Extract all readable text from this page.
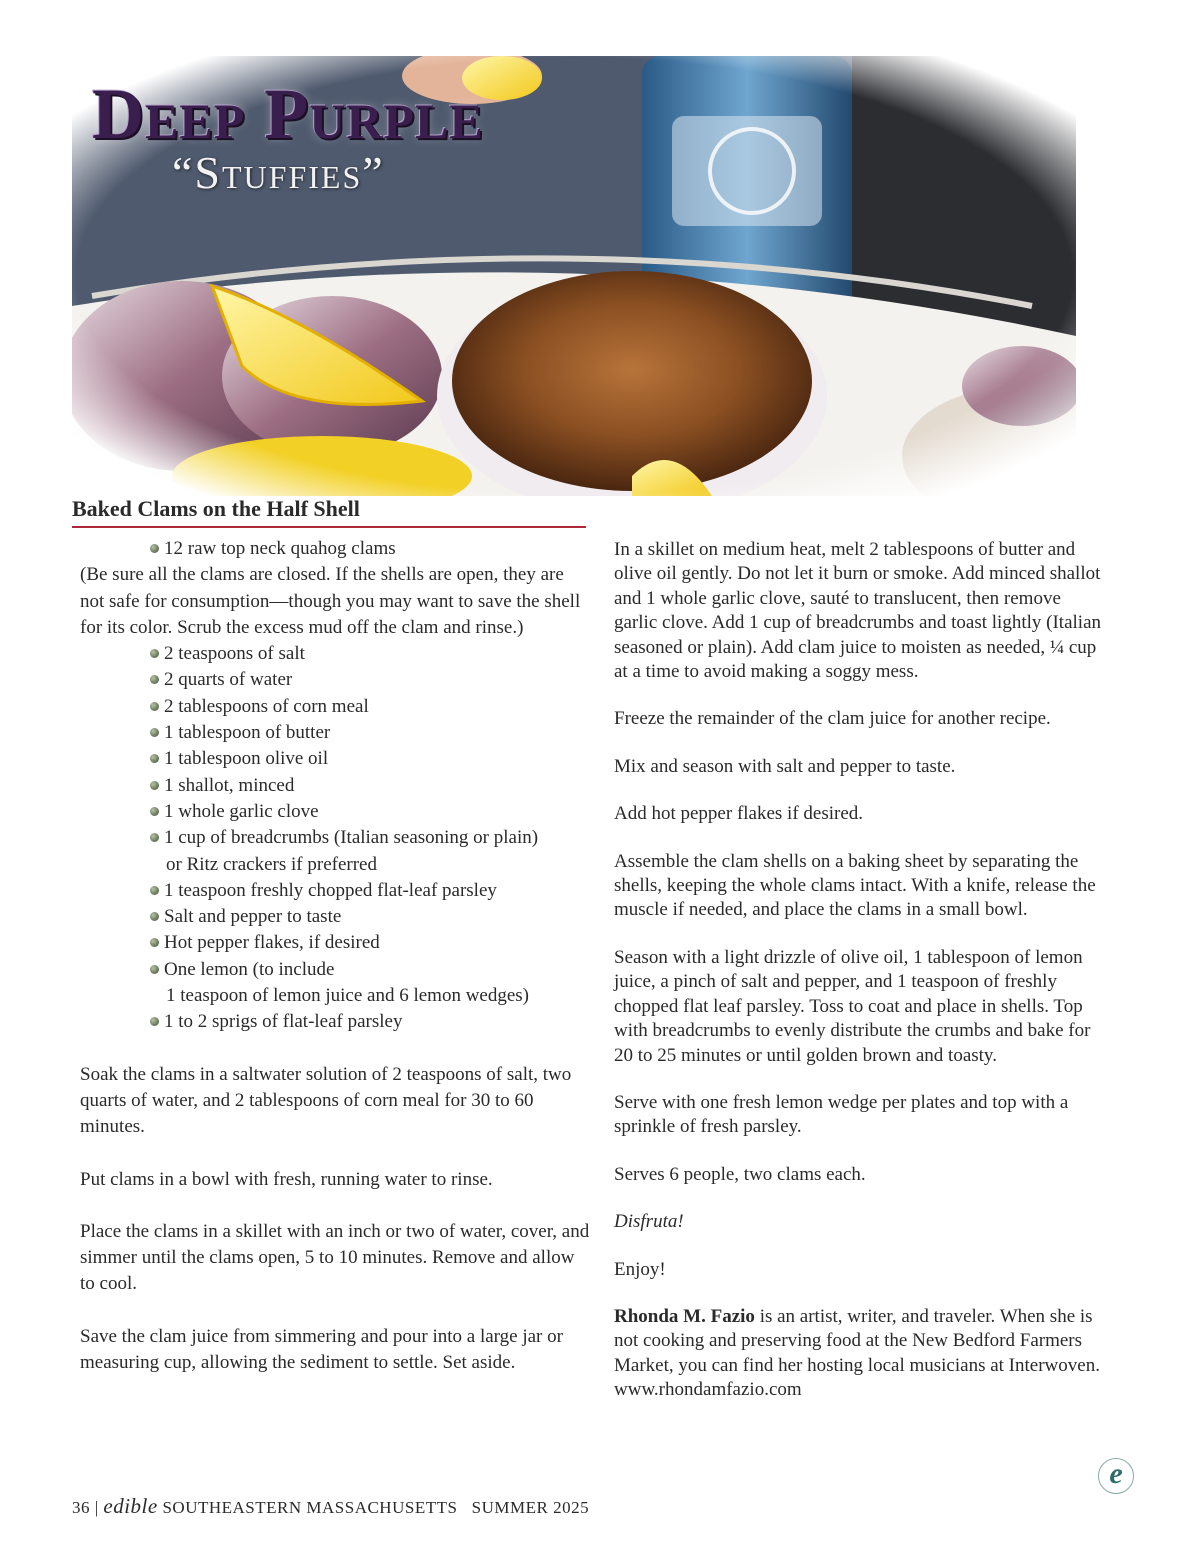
Deep Purple
“Stuffies”
Baked Clams on the Half Shell
12 raw top neck quahog clams

(Be sure all the clams are closed. If the shells are open, they are not safe for consumption—though you may want to save the shell for its color. Scrub the excess mud off the clam and rinse.)

2 teaspoons of salt
2 quarts of water
2 tablespoons of corn meal
1 tablespoon of butter
1 tablespoon olive oil
1 shallot, minced
1 whole garlic clove
1 cup of breadcrumbs (Italian seasoning or plain)
or Ritz crackers if preferred
1 teaspoon freshly chopped flat-leaf parsley
Salt and pepper to taste
Hot pepper flakes, if desired
One lemon (to include
1 teaspoon of lemon juice and 6 lemon wedges)
1 to 2 sprigs of flat-leaf parsley

Soak the clams in a saltwater solution of 2 teaspoons of salt, two quarts of water, and 2 tablespoons of corn meal for 30 to 60 minutes.

Put clams in a bowl with fresh, running water to rinse.

Place the clams in a skillet with an inch or two of water, cover, and simmer until the clams open, 5 to 10 minutes. Remove and allow to cool.

Save the clam juice from simmering and pour into a large jar or measuring cup, allowing the sediment to settle. Set aside.

In a skillet on medium heat, melt 2 tablespoons of butter and olive oil gently. Do not let it burn or smoke. Add minced shallot and 1 whole garlic clove, sauté to translucent, then remove garlic clove. Add 1 cup of breadcrumbs and toast lightly (Italian seasoned or plain). Add clam juice to moisten as needed, ¼ cup at a time to avoid making a soggy mess.

Freeze the remainder of the clam juice for another recipe.

Mix and season with salt and pepper to taste.

Add hot pepper flakes if desired.

Assemble the clam shells on a baking sheet by separating the shells, keeping the whole clams intact. With a knife, release the muscle if needed, and place the clams in a small bowl.

Season with a light drizzle of olive oil, 1 tablespoon of lemon juice, a pinch of salt and pepper, and 1 teaspoon of freshly chopped flat leaf parsley. Toss to coat and place in shells. Top with breadcrumbs to evenly distribute the crumbs and bake for 20 to 25 minutes or until golden brown and toasty.

Serve with one fresh lemon wedge per plates and top with a sprinkle of fresh parsley.

Serves 6 people, two clams each.

Disfruta!

Enjoy!

Rhonda M. Fazio is an artist, writer, and traveler. When she is not cooking and preserving food at the New Bedford Farmers Market, you can find her hosting local musicians at Interwoven. www.rhondamfazio.com

e
36 | edible SOUTHEASTERN MASSACHUSETTS SUMMER 2025
